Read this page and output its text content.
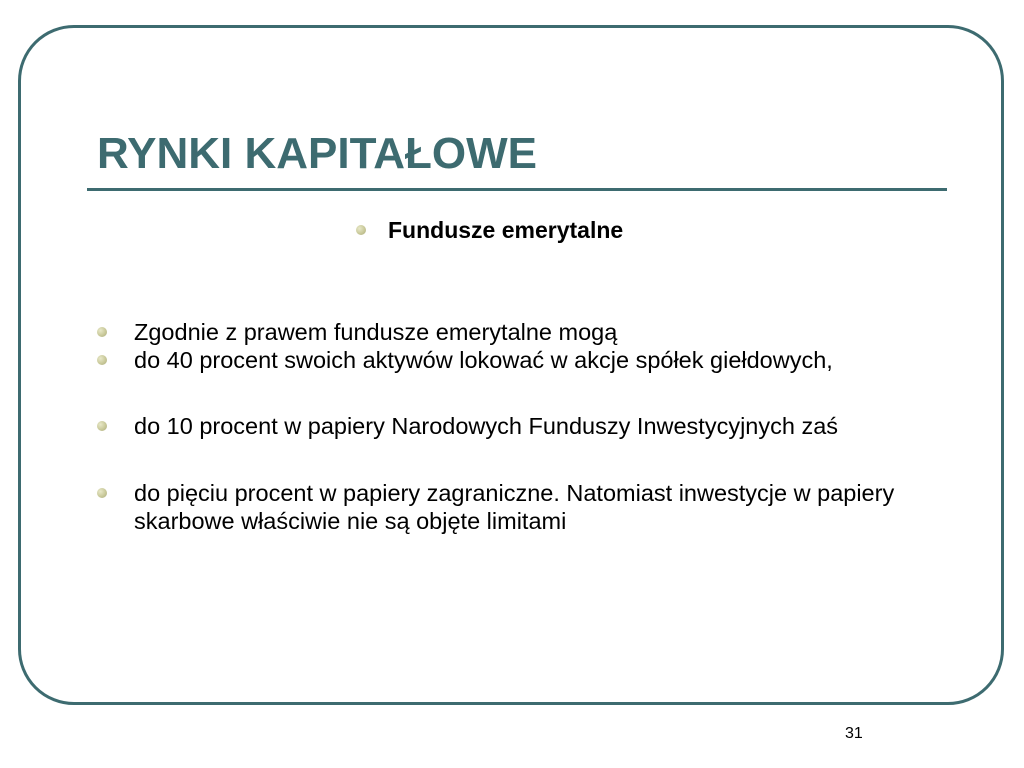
RYNKI KAPITAŁOWE
Fundusze emerytalne
Zgodnie z prawem fundusze emerytalne mogą
do 40 procent swoich aktywów lokować w akcje spółek giełdowych,
do 10 procent w papiery Narodowych Funduszy Inwestycyjnych zaś
do pięciu procent w papiery zagraniczne. Natomiast inwestycje w papiery skarbowe właściwie nie są objęte limitami
31
